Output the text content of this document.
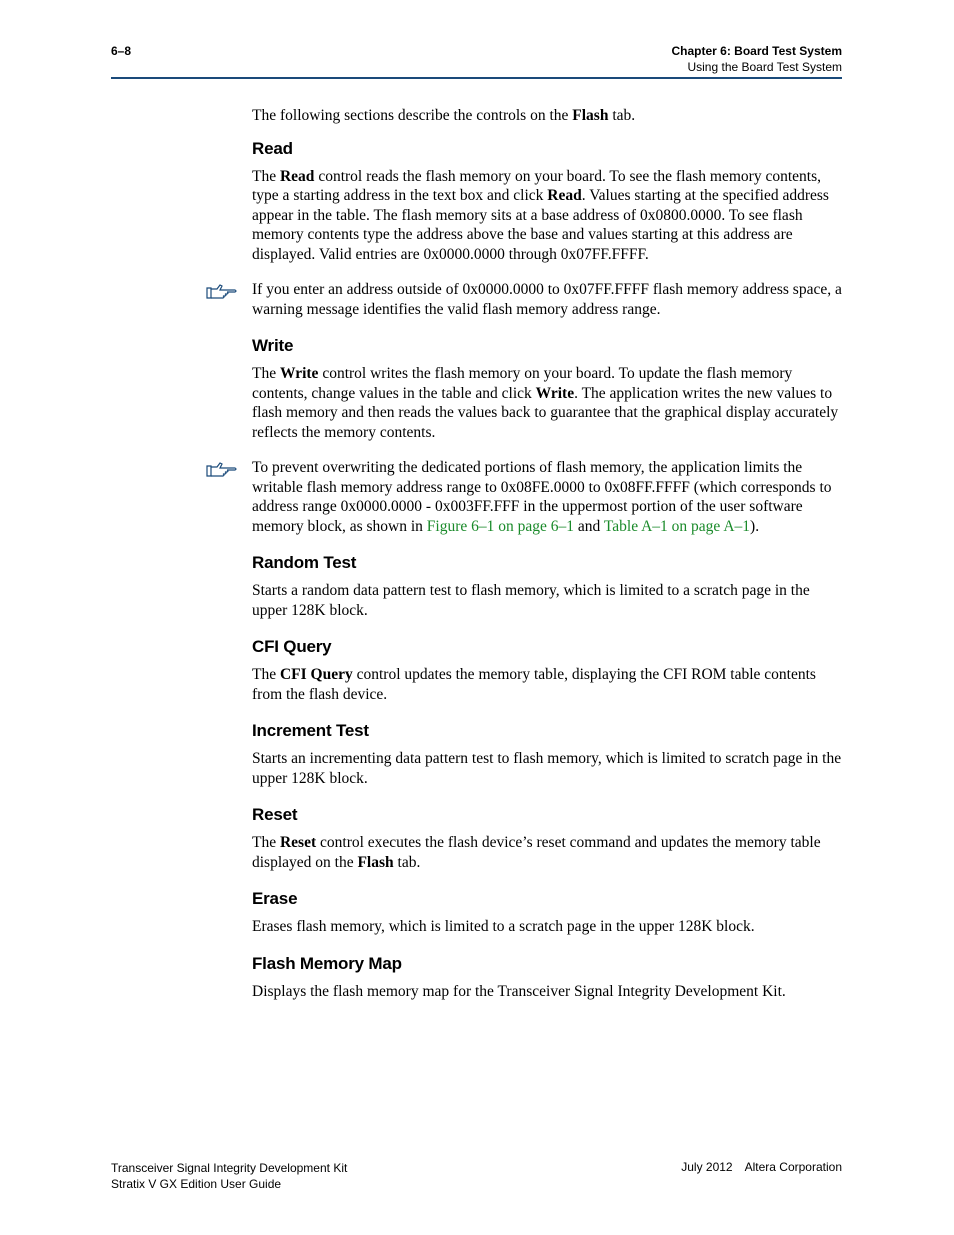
6–8	Chapter 6: Board Test System
Using the Board Test System

The following sections describe the controls on the Flash tab.

Read

The Read control reads the flash memory on your board. To see the flash memory contents, type a starting address in the text box and click Read. Values starting at the specified address appear in the table. The flash memory sits at a base address of 0x0800.0000. To see flash memory contents type the address above the base and values starting at this address are displayed. Valid entries are 0x0000.0000 through 0x07FF.FFFF.

If you enter an address outside of 0x0000.0000 to 0x07FF.FFFF flash memory address space, a warning message identifies the valid flash memory address range.

Write

The Write control writes the flash memory on your board. To update the flash memory contents, change values in the table and click Write. The application writes the new values to flash memory and then reads the values back to guarantee that the graphical display accurately reflects the memory contents.

To prevent overwriting the dedicated portions of flash memory, the application limits the writable flash memory address range to 0x08FE.0000 to 0x08FF.FFFF (which corresponds to address range 0x0000.0000 - 0x003FF.FFF in the uppermost portion of the user software memory block, as shown in Figure 6–1 on page 6–1 and Table A–1 on page A–1).

Random Test

Starts a random data pattern test to flash memory, which is limited to a scratch page in the upper 128K block.

CFI Query

The CFI Query control updates the memory table, displaying the CFI ROM table contents from the flash device.

Increment Test

Starts an incrementing data pattern test to flash memory, which is limited to scratch page in the upper 128K block.

Reset

The Reset control executes the flash device’s reset command and updates the memory table displayed on the Flash tab.

Erase

Erases flash memory, which is limited to a scratch page in the upper 128K block.

Flash Memory Map

Displays the flash memory map for the Transceiver Signal Integrity Development Kit.

Transceiver Signal Integrity Development Kit
Stratix V GX Edition User Guide
July 2012 Altera Corporation
